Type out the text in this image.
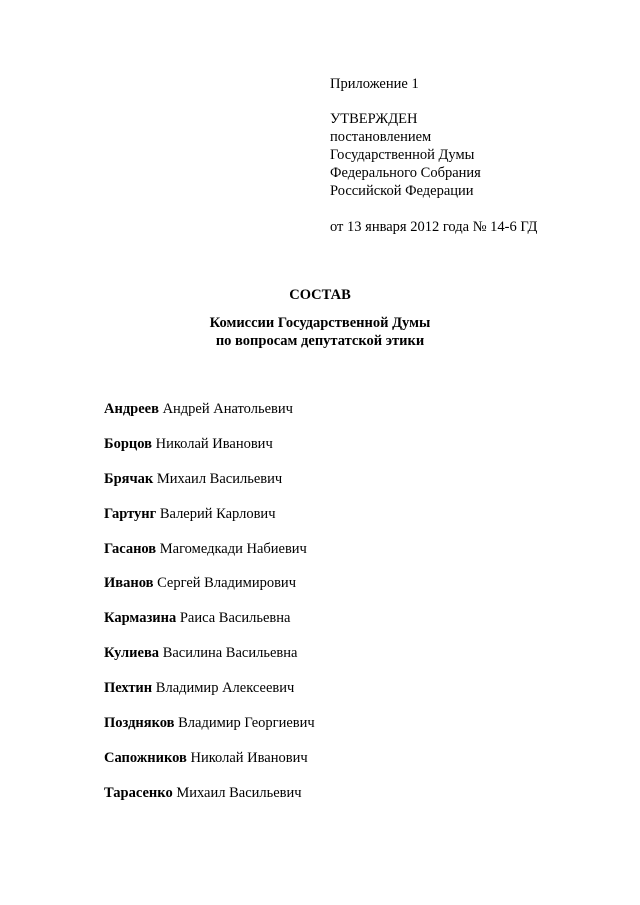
Приложение 1
УТВЕРЖДЕН
постановлением
Государственной Думы
Федерального Собрания
Российской Федерации
от 13 января 2012 года № 14-6 ГД
СОСТАВ
Комиссии Государственной Думы
по вопросам депутатской этики
Андреев Андрей Анатольевич
Борцов Николай Иванович
Брячак Михаил Васильевич
Гартунг Валерий Карлович
Гасанов Магомедкади Набиевич
Иванов Сергей Владимирович
Кармазина Раиса Васильевна
Кулиева Василина Васильевна
Пехтин Владимир Алексеевич
Поздняков Владимир Георгиевич
Сапожников Николай Иванович
Тарасенко Михаил Васильевич
